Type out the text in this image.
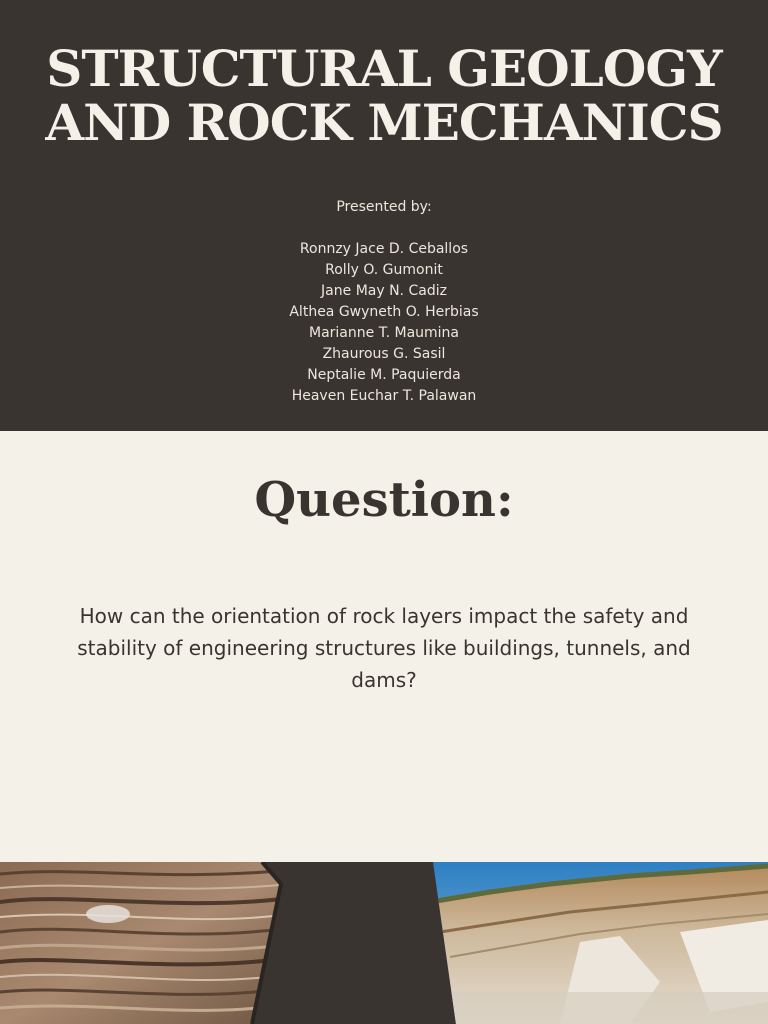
STRUCTURAL GEOLOGY
AND ROCK MECHANICS
Presented by:
Ronnzy Jace D. Ceballos
Rolly O. Gumonit
Jane May N. Cadiz
Althea Gwyneth O. Herbias
Marianne T. Maumina
Zhaurous G. Sasil
Neptalie M. Paquierda
Heaven Euchar T. Palawan
Question:
How can the orientation of rock layers impact the safety and stability of engineering structures like buildings, tunnels, and dams?
